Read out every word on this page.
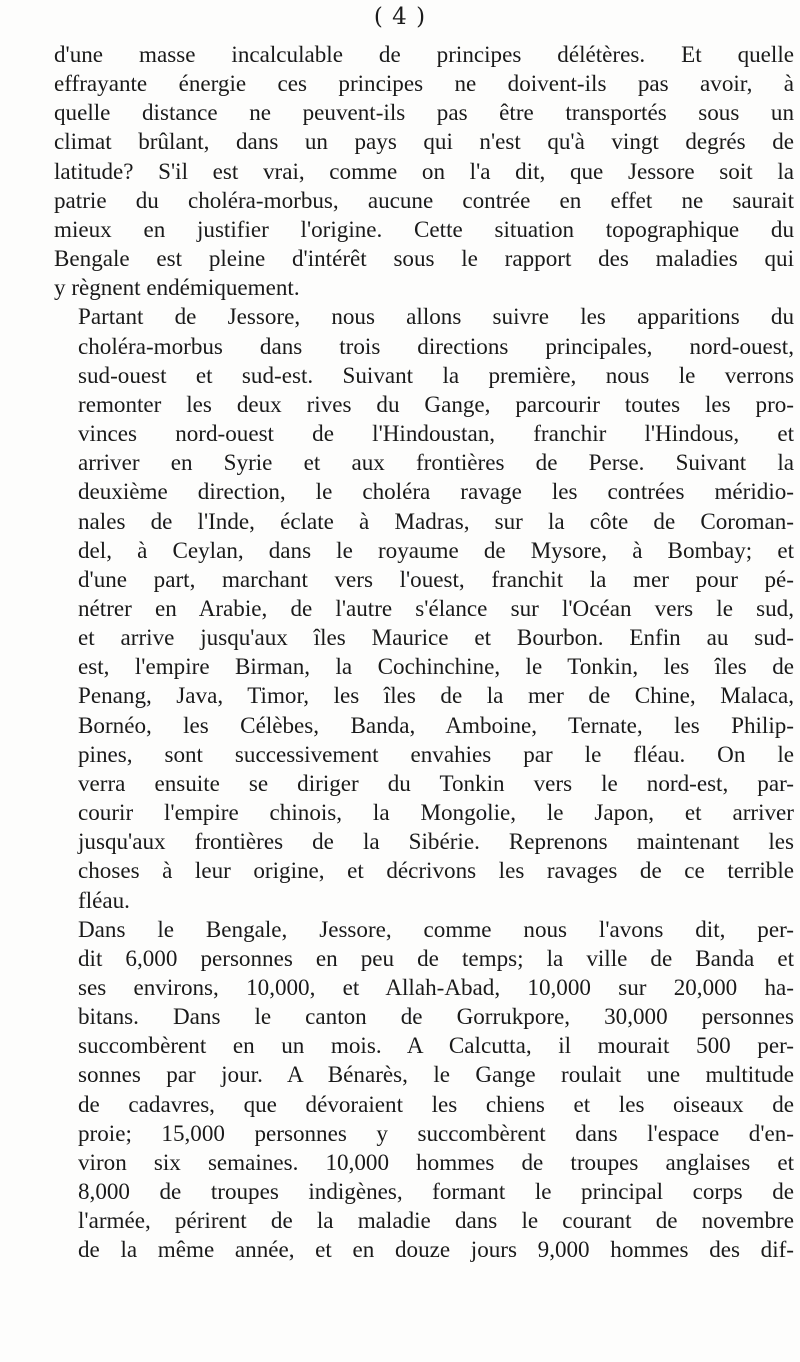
( 4 )
d'une masse incalculable de principes délétères. Et quelle
effrayante énergie ces principes ne doivent-ils pas avoir, à
quelle distance ne peuvent-ils pas être transportés sous un
climat brûlant, dans un pays qui n'est qu'à vingt degrés de
latitude? S'il est vrai, comme on l'a dit, que Jessore soit la
patrie du choléra-morbus, aucune contrée en effet ne saurait
mieux en justifier l'origine. Cette situation topographique du
Bengale est pleine d'intérêt sous le rapport des maladies qui
y règnent endémiquement.
Partant de Jessore, nous allons suivre les apparitions du
choléra-morbus dans trois directions principales, nord-ouest,
sud-ouest et sud-est. Suivant la première, nous le verrons
remonter les deux rives du Gange, parcourir toutes les pro-
vinces nord-ouest de l'Hindoustan, franchir l'Hindous, et
arriver en Syrie et aux frontières de Perse. Suivant la
deuxième direction, le choléra ravage les contrées méridio-
nales de l'Inde, éclate à Madras, sur la côte de Coroman-
del, à Ceylan, dans le royaume de Mysore, à Bombay; et
d'une part, marchant vers l'ouest, franchit la mer pour pé-
nétrer en Arabie, de l'autre s'élance sur l'Océan vers le sud,
et arrive jusqu'aux îles Maurice et Bourbon. Enfin au sud-
est, l'empire Birman, la Cochinchine, le Tonkin, les îles de
Penang, Java, Timor, les îles de la mer de Chine, Malaca,
Bornéo, les Célèbes, Banda, Amboine, Ternate, les Philip-
pines, sont successivement envahies par le fléau. On le
verra ensuite se diriger du Tonkin vers le nord-est, par-
courir l'empire chinois, la Mongolie, le Japon, et arriver
jusqu'aux frontières de la Sibérie. Reprenons maintenant les
choses à leur origine, et décrivons les ravages de ce terrible
fléau.
Dans le Bengale, Jessore, comme nous l'avons dit, per-
dit 6,000 personnes en peu de temps; la ville de Banda et
ses environs, 10,000, et Allah-Abad, 10,000 sur 20,000 ha-
bitans. Dans le canton de Gorrukpore, 30,000 personnes
succombèrent en un mois. A Calcutta, il mourait 500 per-
sonnes par jour. A Bénarès, le Gange roulait une multitude
de cadavres, que dévoraient les chiens et les oiseaux de
proie; 15,000 personnes y succombèrent dans l'espace d'en-
viron six semaines. 10,000 hommes de troupes anglaises et
8,000 de troupes indigènes, formant le principal corps de
l'armée, périrent de la maladie dans le courant de novembre
de la même année, et en douze jours 9,000 hommes des dif-
